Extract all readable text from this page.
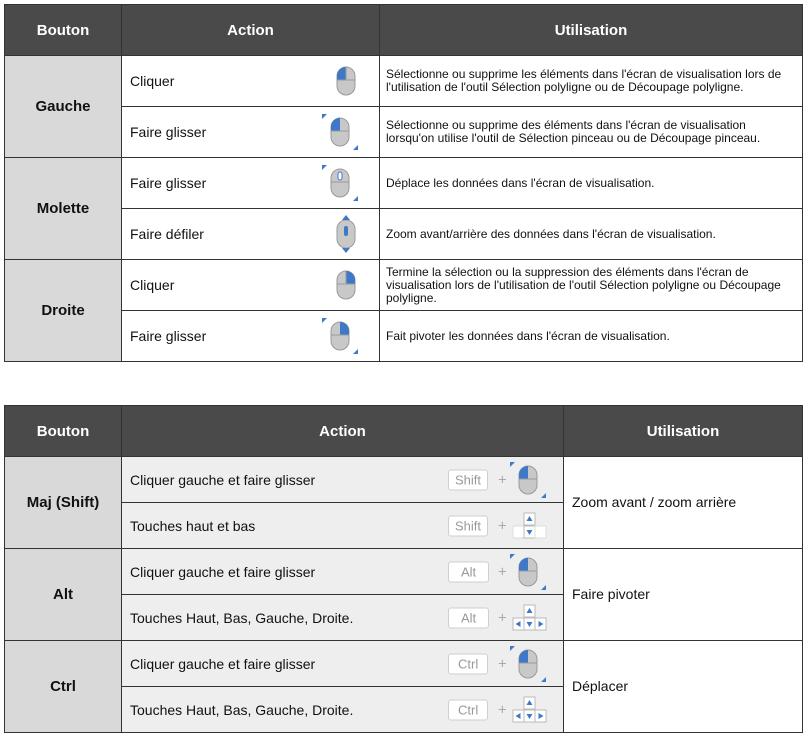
Bouton	Action	Utilisation
Gauche	Cliquer	Sélectionne ou supprime les éléments dans l'écran de visualisation lors de l'utilisation de l'outil Sélection polyligne ou de Découpage polyligne.
	Faire glisser	Sélectionne ou supprime des éléments dans l'écran de visualisation lorsqu'on utilise l'outil de Sélection pinceau ou de Découpage pinceau.
Molette	Faire glisser	Déplace les données dans l'écran de visualisation.
	Faire défiler	Zoom avant/arrière des données dans l'écran de visualisation.
Droite	Cliquer	Termine la sélection ou la suppression des éléments dans l'écran de visualisation lors de l'utilisation de l'outil Sélection polyligne ou Découpage polyligne.
	Faire glisser	Fait pivoter les données dans l'écran de visualisation.
Bouton	Action	Utilisation
Maj (Shift)	Cliquer gauche et faire glisser Shift +	Zoom avant / zoom arrière
	Touches haut et bas Shift +	

Alt	Cliquer gauche et faire glisser Alt +	Faire pivoter
	Touches Haut, Bas, Gauche, Droite. Alt +	

Ctrl	Cliquer gauche et faire glisser Ctrl +	Déplacer
	Touches Haut, Bas, Gauche, Droite. Ctrl +	
